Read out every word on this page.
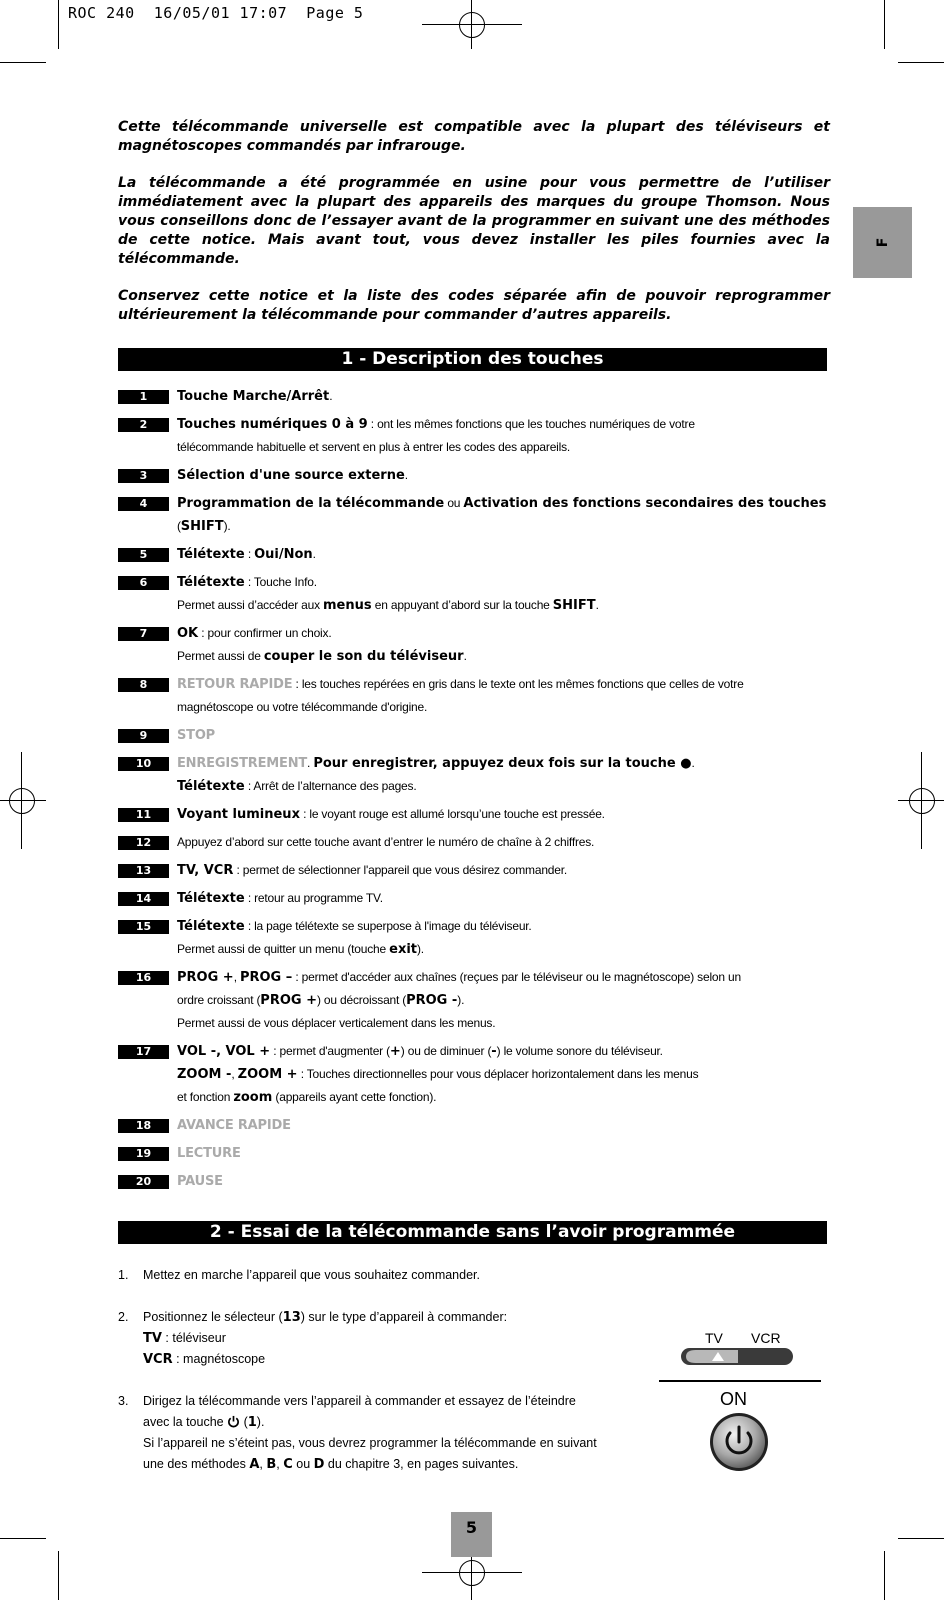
ROC 240  16/05/01 17:07  Page 5
F

Cette télécommande universelle est compatible avec la plupart des téléviseurs et magnétoscopes commandés par infrarouge.

La télécommande a été programmée en usine pour vous permettre de l’utiliser immédiatement avec la plupart des appareils des marques du groupe Thomson. Nous vous conseillons donc de l’essayer avant de la programmer en suivant une des méthodes de cette notice. Mais avant tout, vous devez installer les piles fournies avec la télécommande.

Conservez cette notice et la liste des codes séparée afin de pouvoir reprogrammer ultérieurement la télécommande pour commander d’autres appareils.

1 - Description des touches
1	Touche Marche/Arrêt.
2	Touches numériques 0 à 9 : ont les mêmes fonctions que les touches numériques de votre
télécommande habituelle et servent en plus à entrer les codes des appareils.
3	Sélection d'une source externe.
4	Programmation de la télécommande ou Activation des fonctions secondaires des touches (SHIFT).
5	Télétexte : Oui/Non.
6	Télétexte : Touche Info.
Permet aussi d’accéder aux menus en appuyant d’abord sur la touche SHIFT.
7	OK : pour confirmer un choix.
Permet aussi de couper le son du téléviseur.
8	RETOUR RAPIDE : les touches repérées en gris dans le texte ont les mêmes fonctions que celles de votre
magnétoscope ou votre télécommande d'origine.
9	STOP
10	ENREGISTREMENT. Pour enregistrer, appuyez deux fois sur la touche ●.
Télétexte : Arrêt de l’alternance des pages.
11	Voyant lumineux : le voyant rouge est allumé lorsqu’une touche est pressée.
12	Appuyez d’abord sur cette touche avant d’entrer le numéro de chaîne à 2 chiffres.
13	TV, VCR : permet de sélectionner l'appareil que vous désirez commander.
14	Télétexte : retour au programme TV.
15	Télétexte : la page télétexte se superpose à l'image du téléviseur.
Permet aussi de quitter un menu (touche exit).
16	PROG +, PROG – : permet d'accéder aux chaînes (reçues par le téléviseur ou le magnétoscope) selon un
ordre croissant (PROG +) ou décroissant (PROG -).
Permet aussi de vous déplacer verticalement dans les menus.
17	VOL -, VOL + : permet d'augmenter (+) ou de diminuer (-) le volume sonore du téléviseur.
ZOOM -, ZOOM + : Touches directionnelles pour vous déplacer horizontalement dans les menus
et fonction zoom (appareils ayant cette fonction).
18	AVANCE RAPIDE
19	LECTURE
20	PAUSE
2 - Essai de la télécommande sans l’avoir programmée
1.	Mettez en marche l’appareil que vous souhaitez commander.
2.	Positionnez le sélecteur (13) sur le type d’appareil à commander:
TV : téléviseur
VCR : magnétoscope
3.	Dirigez la télécommande vers l’appareil à commander et essayez de l’éteindre
avec la touche  (1).
Si l’appareil ne s’éteint pas, vous devrez programmer la télécommande en suivant
une des méthodes A, B, C ou D du chapitre 3, en pages suivantes.
TV VCR
ON
5
